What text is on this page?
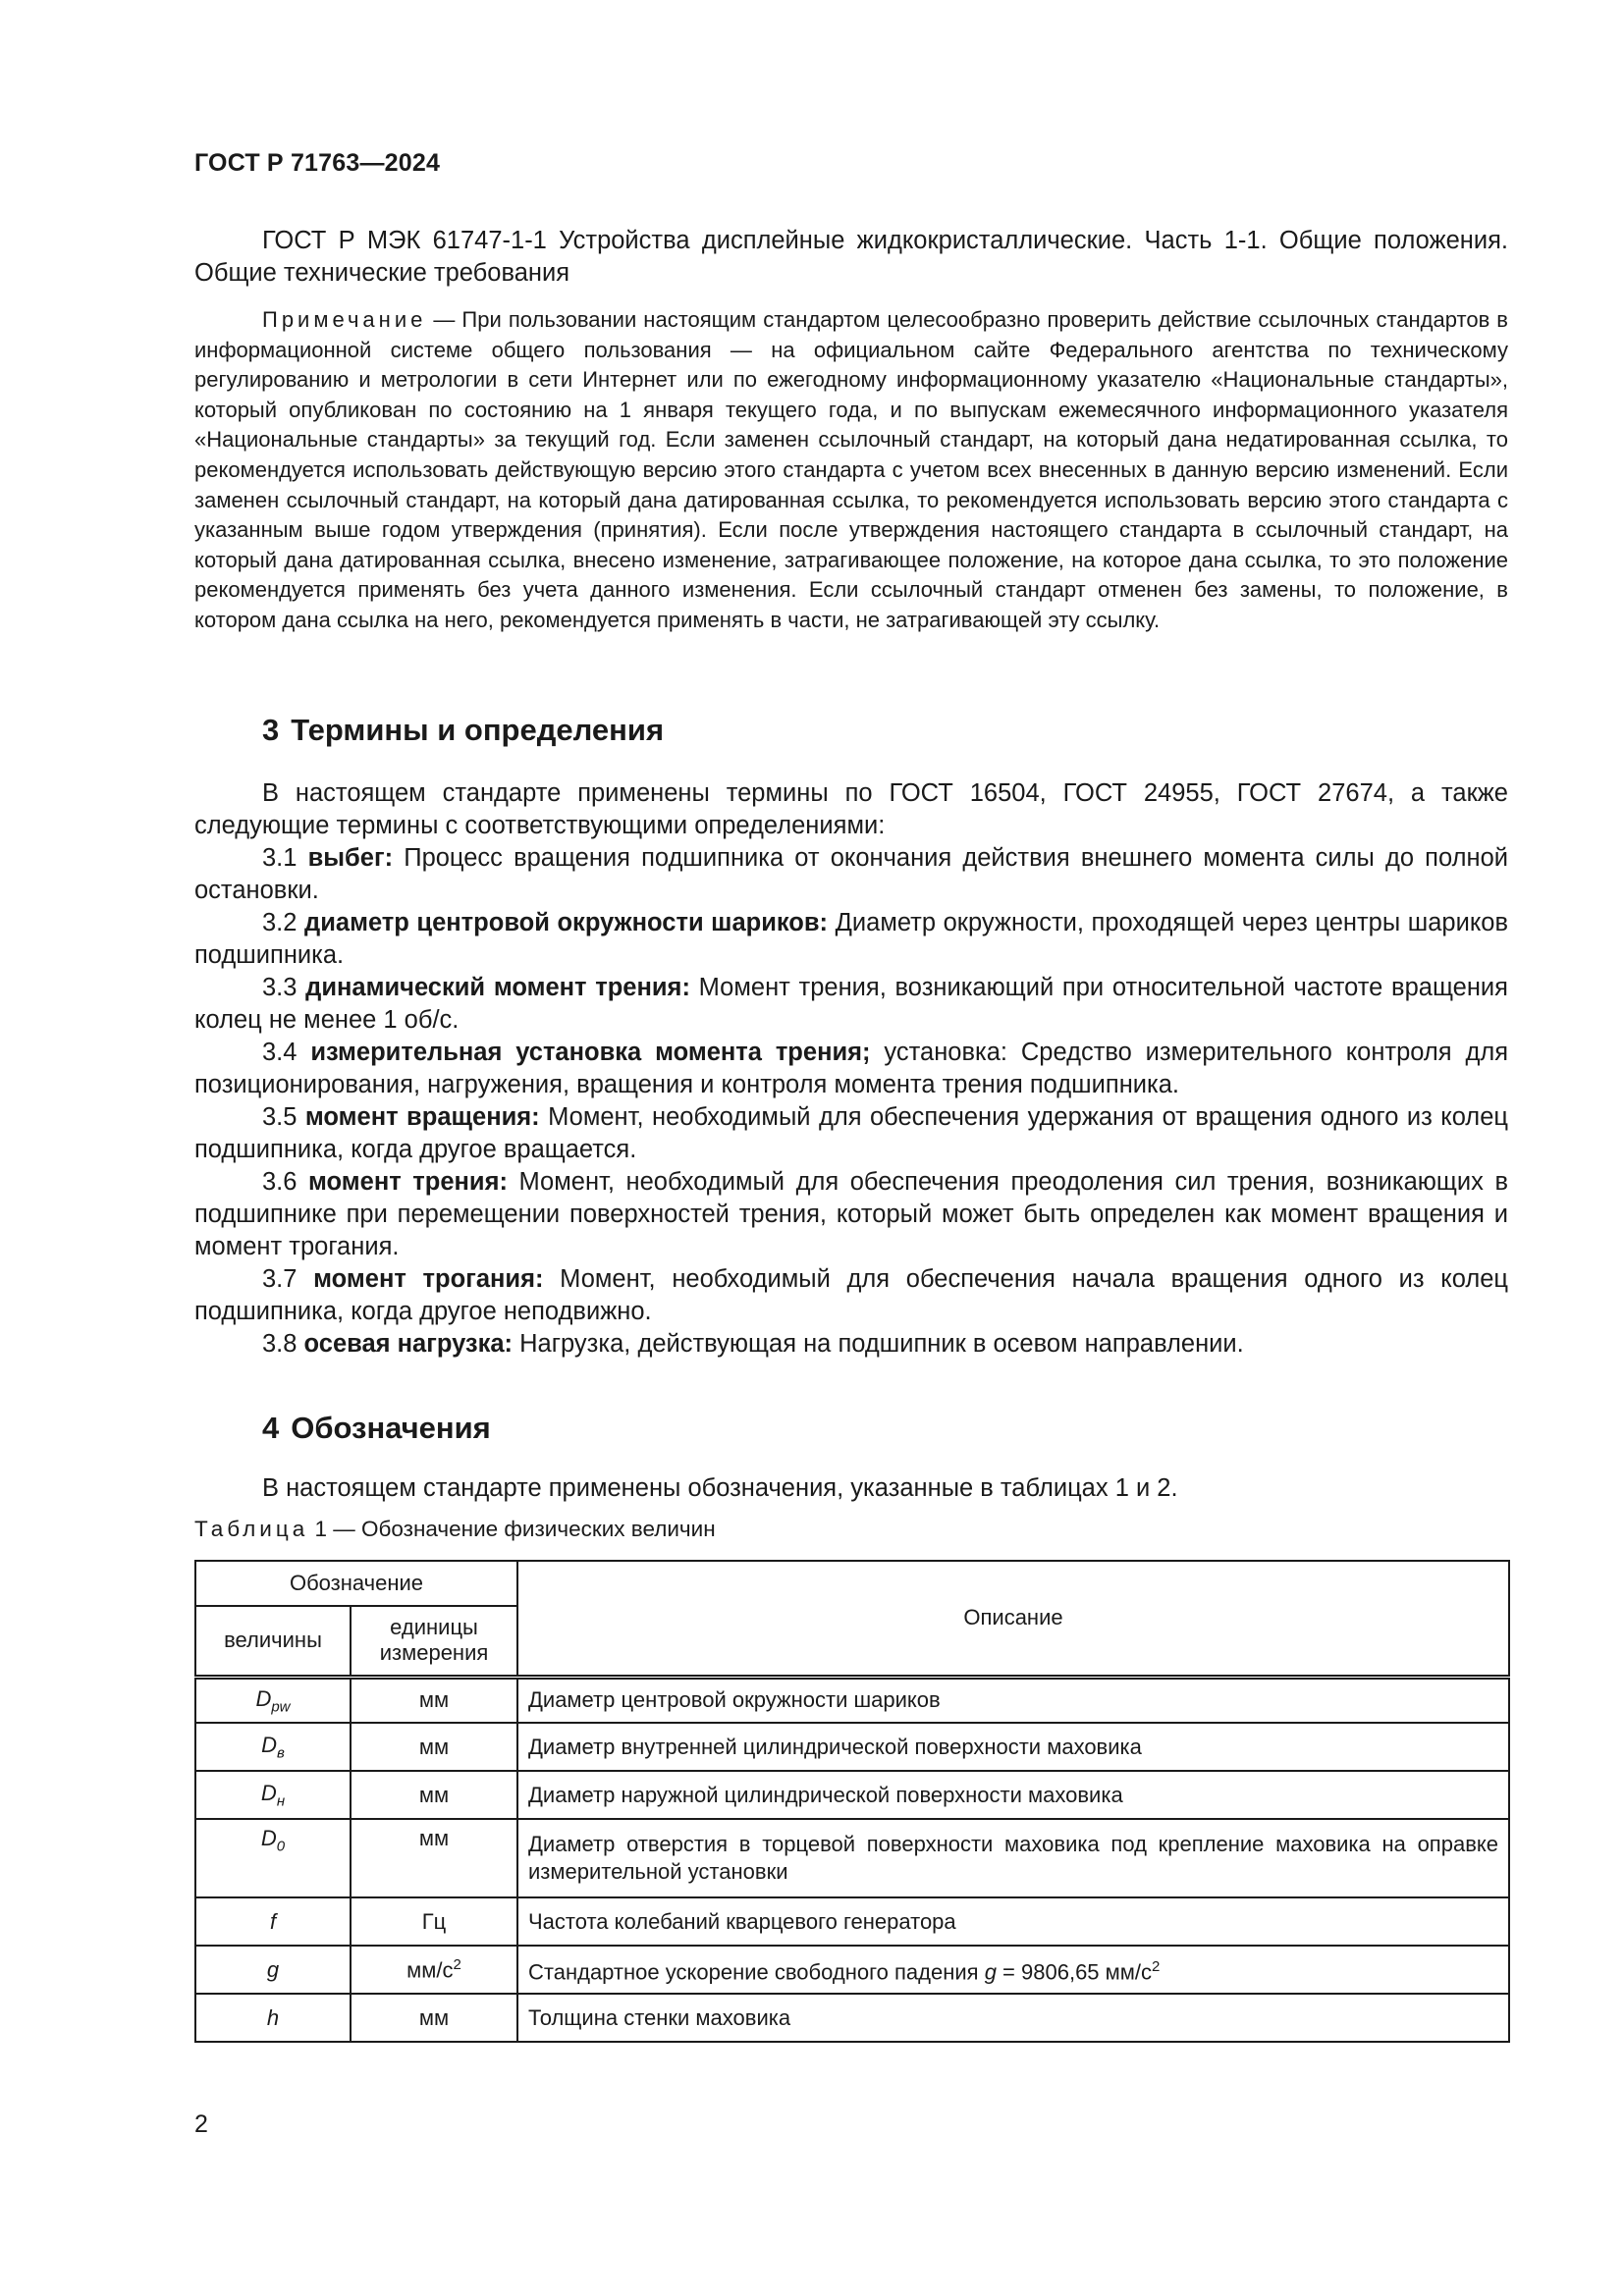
ГОСТ Р 71763—2024
ГОСТ Р МЭК 61747-1-1 Устройства дисплейные жидкокристаллические. Часть 1-1. Общие положения. Общие технические требования
Примечание — При пользовании настоящим стандартом целесообразно проверить действие ссылочных стандартов в информационной системе общего пользования — на официальном сайте Федерального агентства по техническому регулированию и метрологии в сети Интернет или по ежегодному информационному указателю «Национальные стандарты», который опубликован по состоянию на 1 января текущего года, и по выпускам ежемесячного информационного указателя «Национальные стандарты» за текущий год. Если заменен ссылочный стандарт, на который дана недатированная ссылка, то рекомендуется использовать действующую версию этого стандарта с учетом всех внесенных в данную версию изменений. Если заменен ссылочный стандарт, на который дана датированная ссылка, то рекомендуется использовать версию этого стандарта с указанным выше годом утверждения (принятия). Если после утверждения настоящего стандарта в ссылочный стандарт, на который дана датированная ссылка, внесено изменение, затрагивающее положение, на которое дана ссылка, то это положение рекомендуется применять без учета данного изменения. Если ссылочный стандарт отменен без замены, то положение, в котором дана ссылка на него, рекомендуется применять в части, не затрагивающей эту ссылку.
3 Термины и определения
В настоящем стандарте применены термины по ГОСТ 16504, ГОСТ 24955, ГОСТ 27674, а также следующие термины с соответствующими определениями:
3.1 выбег: Процесс вращения подшипника от окончания действия внешнего момента силы до полной остановки.
3.2 диаметр центровой окружности шариков: Диаметр окружности, проходящей через центры шариков подшипника.
3.3 динамический момент трения: Момент трения, возникающий при относительной частоте вращения колец не менее 1 об/с.
3.4 измерительная установка момента трения; установка: Средство измерительного контроля для позиционирования, нагружения, вращения и контроля момента трения подшипника.
3.5 момент вращения: Момент, необходимый для обеспечения удержания от вращения одного из колец подшипника, когда другое вращается.
3.6 момент трения: Момент, необходимый для обеспечения преодоления сил трения, возникающих в подшипнике при перемещении поверхностей трения, который может быть определен как момент вращения и момент трогания.
3.7 момент трогания: Момент, необходимый для обеспечения начала вращения одного из колец подшипника, когда другое неподвижно.
3.8 осевая нагрузка: Нагрузка, действующая на подшипник в осевом направлении.
4 Обозначения
В настоящем стандарте применены обозначения, указанные в таблицах 1 и 2.
Таблица 1 — Обозначение физических величин
Обозначение		Описание
величины	единицы измерения	
$D_{pw}$	мм	Диаметр центровой окружности шариков
$D_в$	мм	Диаметр внутренней цилиндрической поверхности маховика
$D_н$	мм	Диаметр наружной цилиндрической поверхности маховика
$D_0$	мм	Диаметр отверстия в торцевой поверхности маховика под крепление маховика на оправке измерительной установки
f	Гц	Частота колебаний кварцевого генератора
g	$мм/с^2$	Стандартное ускорение свободного падения g = 9806,65 $мм/с^2$
h	мм	Толщина стенки маховика
2
